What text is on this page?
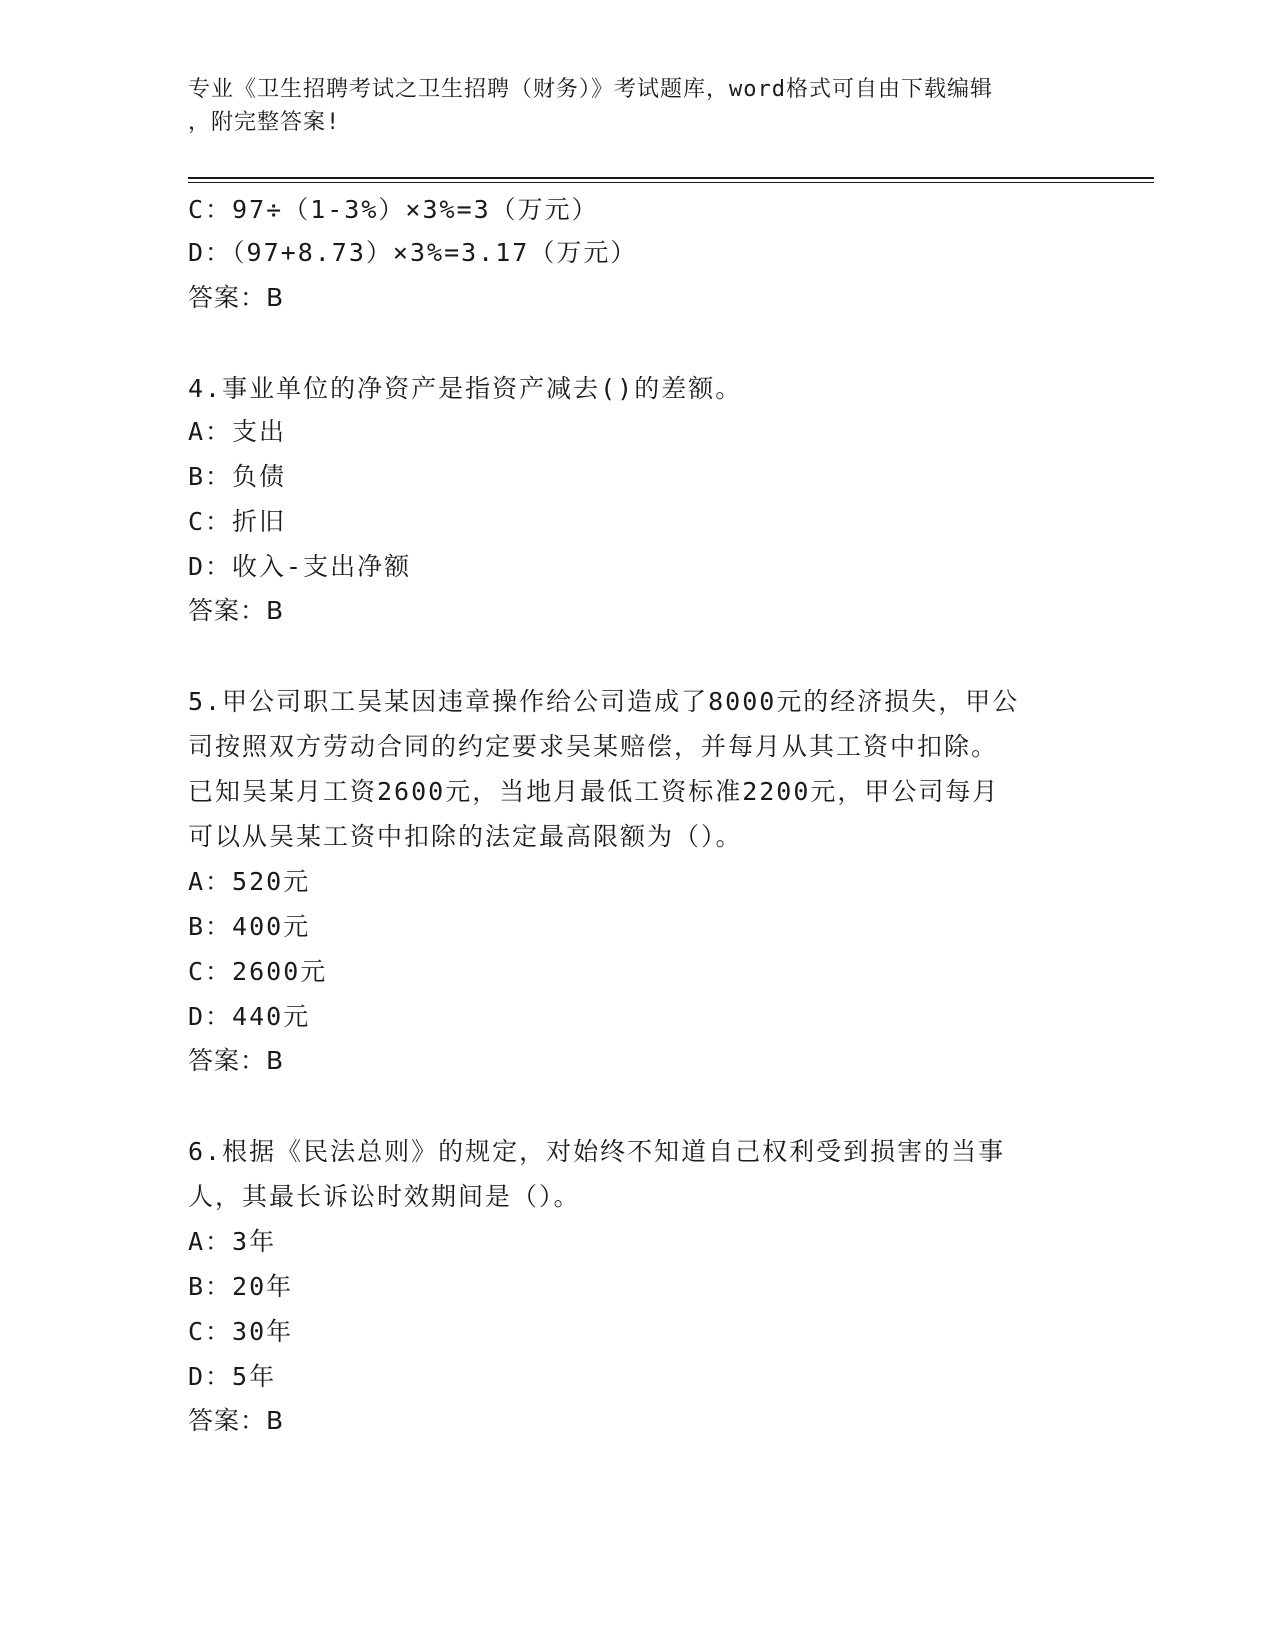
专业《卫生招聘考试之卫生招聘（财务）》考试题库，word格式可自由下载编辑
，附完整答案!
C：97÷（1-3%）×3%=3（万元）
D：（97+8.73）×3%=3.17（万元）
答案：B
4.事业单位的净资产是指资产减去()的差额。
A：支出
B：负债
C：折旧
D：收入-支出净额
答案：B
5.甲公司职工吴某因违章操作给公司造成了8000元的经济损失，甲公
司按照双方劳动合同的约定要求吴某赔偿，并每月从其工资中扣除。
已知吴某月工资2600元，当地月最低工资标准2200元，甲公司每月
可以从吴某工资中扣除的法定最高限额为（）。
A：520元
B：400元
C：2600元
D：440元
答案：B
6.根据《民法总则》的规定，对始终不知道自己权利受到损害的当事
人，其最长诉讼时效期间是（）。
A：3年
B：20年
C：30年
D：5年
答案：B
